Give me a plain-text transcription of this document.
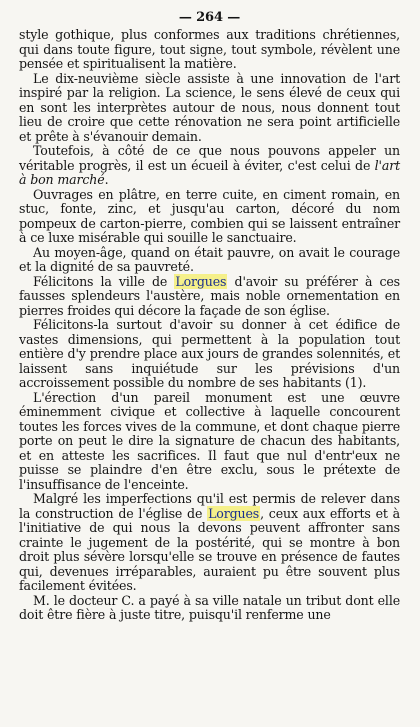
— 264 —

style gothique, plus conformes aux traditions chrétiennes, qui dans toute figure, tout signe, tout symbole, révèlent une pensée et spiritualisent la matière.

Le dix-neuvième siècle assiste à une innovation de l'art inspiré par la religion. La science, le sens élevé de ceux qui en sont les interprètes autour de nous, nous donnent tout lieu de croire que cette rénovation ne sera point artificielle et prête à s'évanouir demain.

Toutefois, à côté de ce que nous pouvons appeler un véritable progrès, il est un écueil à éviter, c'est celui de l'art à bon marché.

Ouvrages en plâtre, en terre cuite, en ciment romain, en stuc, fonte, zinc, et jusqu'au carton, décoré du nom pompeux de carton-pierre, combien qui se laissent entraîner à ce luxe misérable qui souille le sanctuaire.

Au moyen-âge, quand on était pauvre, on avait le courage et la dignité de sa pauvreté.

Félicitons la ville de Lorgues d'avoir su préférer à ces fausses splendeurs l'austère, mais noble ornementation en pierres froides qui décore la façade de son église.

Félicitons-la surtout d'avoir su donner à cet édifice de vastes dimensions, qui permettent à la population tout entière d'y prendre place aux jours de grandes solennités, et laissent sans inquiétude sur les prévisions d'un accroissement possible du nombre de ses habitants (1).

L'érection d'un pareil monument est une œuvre éminemment civique et collective à laquelle concourent toutes les forces vives de la commune, et dont chaque pierre porte on peut le dire la signature de chacun des habitants, et en atteste les sacrifices. Il faut que nul d'entr'eux ne puisse se plaindre d'en être exclu, sous le prétexte de l'insuffisance de l'enceinte.

Malgré les imperfections qu'il est permis de relever dans la construction de l'église de Lorgues, ceux aux efforts et à l'initiative de qui nous la devons peuvent affronter sans crainte le jugement de la postérité, qui se montre à bon droit plus sévère lorsqu'elle se trouve en présence de fautes qui, devenues irréparables, auraient pu être souvent plus facilement évitées.

M. le docteur C. a payé à sa ville natale un tribut dont elle doit être fière à juste titre, puisqu'il renferme une
